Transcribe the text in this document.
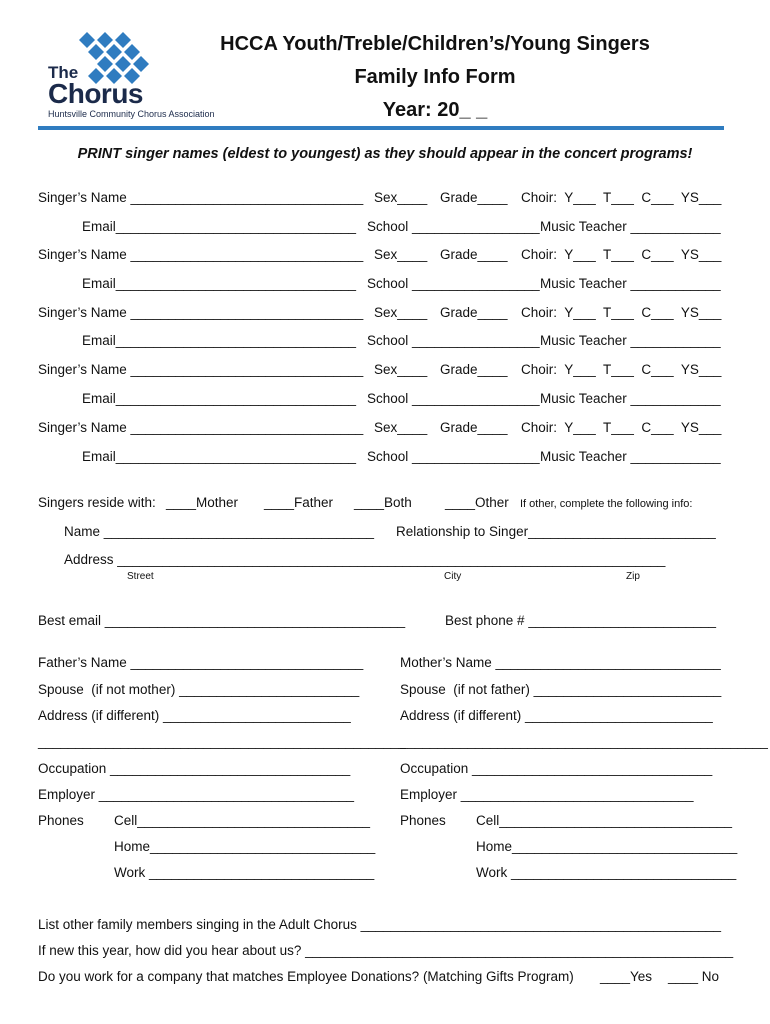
The
Chorus
Huntsville Community Chorus Association
HCCA Youth/Treble/Children’s/Young Singers
Family Info Form
Year: 20_ _
PRINT singer names (eldest to youngest) as they should appear in the concert programs!
Singer’s Name _______________________________ Sex____ Grade____ Choir:  Y___  T___  C___  YS___
Email________________________________ School _________________ Music Teacher ____________
Singer’s Name _______________________________ Sex____ Grade____ Choir:  Y___  T___  C___  YS___
Email________________________________ School _________________ Music Teacher ____________
Singer’s Name _______________________________ Sex____ Grade____ Choir:  Y___  T___  C___  YS___
Email________________________________ School _________________ Music Teacher ____________
Singer’s Name _______________________________ Sex____ Grade____ Choir:  Y___  T___  C___  YS___
Email________________________________ School _________________ Music Teacher ____________
Singer’s Name _______________________________ Sex____ Grade____ Choir:  Y___  T___  C___  YS___
Email________________________________ School _________________ Music Teacher ____________
Singers reside with: ____Mother ____Father ____Both ____Other If other, complete the following info:
Name ____________________________________ Relationship to Singer_________________________
Address _________________________________________________________________________
Street	City	Zip
Best email ________________________________________	Best phone # _________________________
Father’s Name _______________________________
Spouse  (if not mother) ________________________
Address (if different) _________________________
_________________________________________________
Occupation ________________________________
Employer __________________________________
Phones Cell_______________________________
Home______________________________
Work ______________________________
Mother’s Name ______________________________
Spouse  (if not father) _________________________
Address (if different) _________________________
_________________________________________________
Occupation ________________________________
Employer _______________________________
Phones Cell_______________________________
Home______________________________
Work ______________________________
List other family members singing in the Adult Chorus ________________________________________________
If new this year, how did you hear about us? _________________________________________________________
Do you work for a company that matches Employee Donations? (Matching Gifts Program) ____Yes ____ No
